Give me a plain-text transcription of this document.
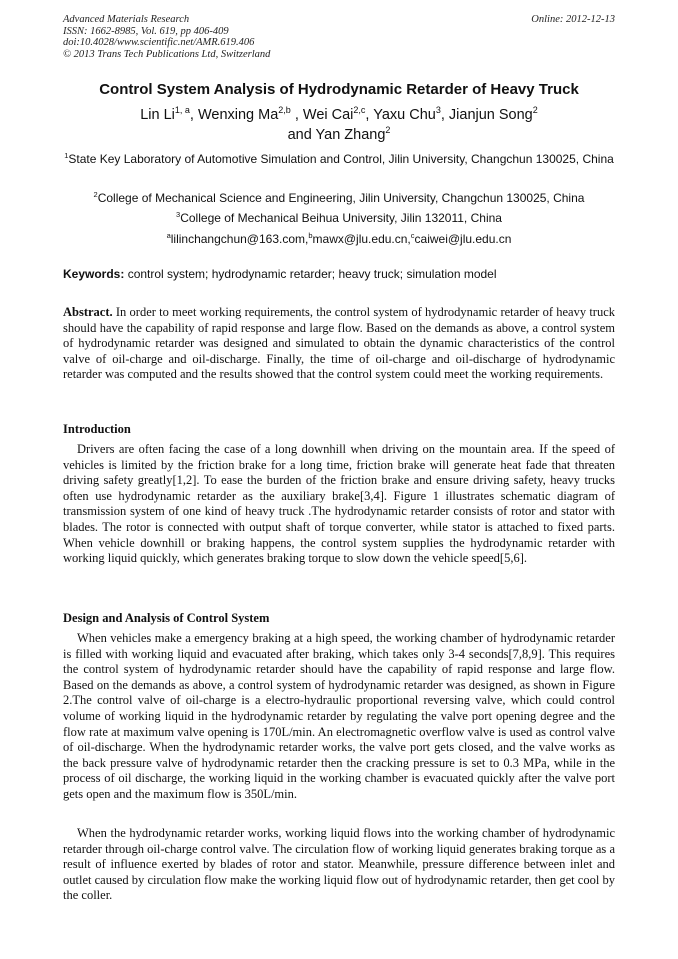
Advanced Materials Research
ISSN: 1662-8985, Vol. 619, pp 406-409
doi:10.4028/www.scientific.net/AMR.619.406
© 2013 Trans Tech Publications Ltd, Switzerland
Online: 2012-12-13
Control System Analysis of Hydrodynamic Retarder of Heavy Truck
Lin Li$^{1, a}$, Wenxing Ma$^{2,b}$ , Wei Cai$^{2,c}$, Yaxu Chu$^3$, Jianjun Song$^2$
and Yan Zhang$^2$
$^1$State Key Laboratory of Automotive Simulation and Control, Jilin University, Changchun 130025, China
$^2$College of Mechanical Science and Engineering, Jilin University, Changchun 130025, China
$^3$College of Mechanical Beihua University, Jilin 132011, China
$^a$lilinchangchun@163.com,$^b$mawx@jlu.edu.cn,$^c$caiwei@jlu.edu.cn
Keywords: control system; hydrodynamic retarder; heavy truck; simulation model
Abstract. In order to meet working requirements, the control system of hydrodynamic retarder of heavy truck should have the capability of rapid response and large flow. Based on the demands as above, a control system of hydrodynamic retarder was designed and simulated to obtain the dynamic characteristics of the control valve of oil-charge and oil-discharge. Finally, the time of oil-charge and oil-discharge of hydrodynamic retarder was computed and the results showed that the control system could meet the working requirements.
Introduction
Drivers are often facing the case of a long downhill when driving on the mountain area. If the speed of vehicles is limited by the friction brake for a long time, friction brake will generate heat fade that threaten driving safety greatly[1,2]. To ease the burden of the friction brake and ensure driving safety, heavy trucks often use hydrodynamic retarder as the auxiliary brake[3,4]. Figure 1 illustrates schematic diagram of transmission system of one kind of heavy truck .The hydrodynamic retarder consists of rotor and stator with blades. The rotor is connected with output shaft of torque converter, while stator is attached to fixed parts. When vehicle downhill or braking happens, the control system supplies the hydrodynamic retarder with working liquid quickly, which generates braking torque to slow down the vehicle speed[5,6].
Design and Analysis of Control System
When vehicles make a emergency braking at a high speed, the working chamber of hydrodynamic retarder is filled with working liquid and evacuated after braking, which takes only 3-4 seconds[7,8,9]. This requires the control system of hydrodynamic retarder should have the capability of rapid response and large flow. Based on the demands as above, a control system of hydrodynamic retarder was designed, as shown in Figure 2.The control valve of oil-charge is a electro-hydraulic proportional reversing valve, which could control volume of working liquid in the hydrodynamic retarder by regulating the valve port opening degree and the flow rate at maximum valve opening is 170L/min. An electromagnetic overflow valve is used as control valve of oil-discharge. When the hydrodynamic retarder works, the valve port gets closed, and the valve works as the back pressure valve of hydrodynamic retarder then the cracking pressure is set to 0.3 MPa, while in the process of oil discharge, the working liquid in the working chamber is evacuated quickly after the valve port gets open and the maximum flow is 350L/min.
When the hydrodynamic retarder works, working liquid flows into the working chamber of hydrodynamic retarder through oil-charge control valve. The circulation flow of working liquid generates braking torque as a result of influence exerted by blades of rotor and stator. Meanwhile, pressure difference between inlet and outlet caused by circulation flow make the working liquid flow out of hydrodynamic retarder, then get cool by the coller.
